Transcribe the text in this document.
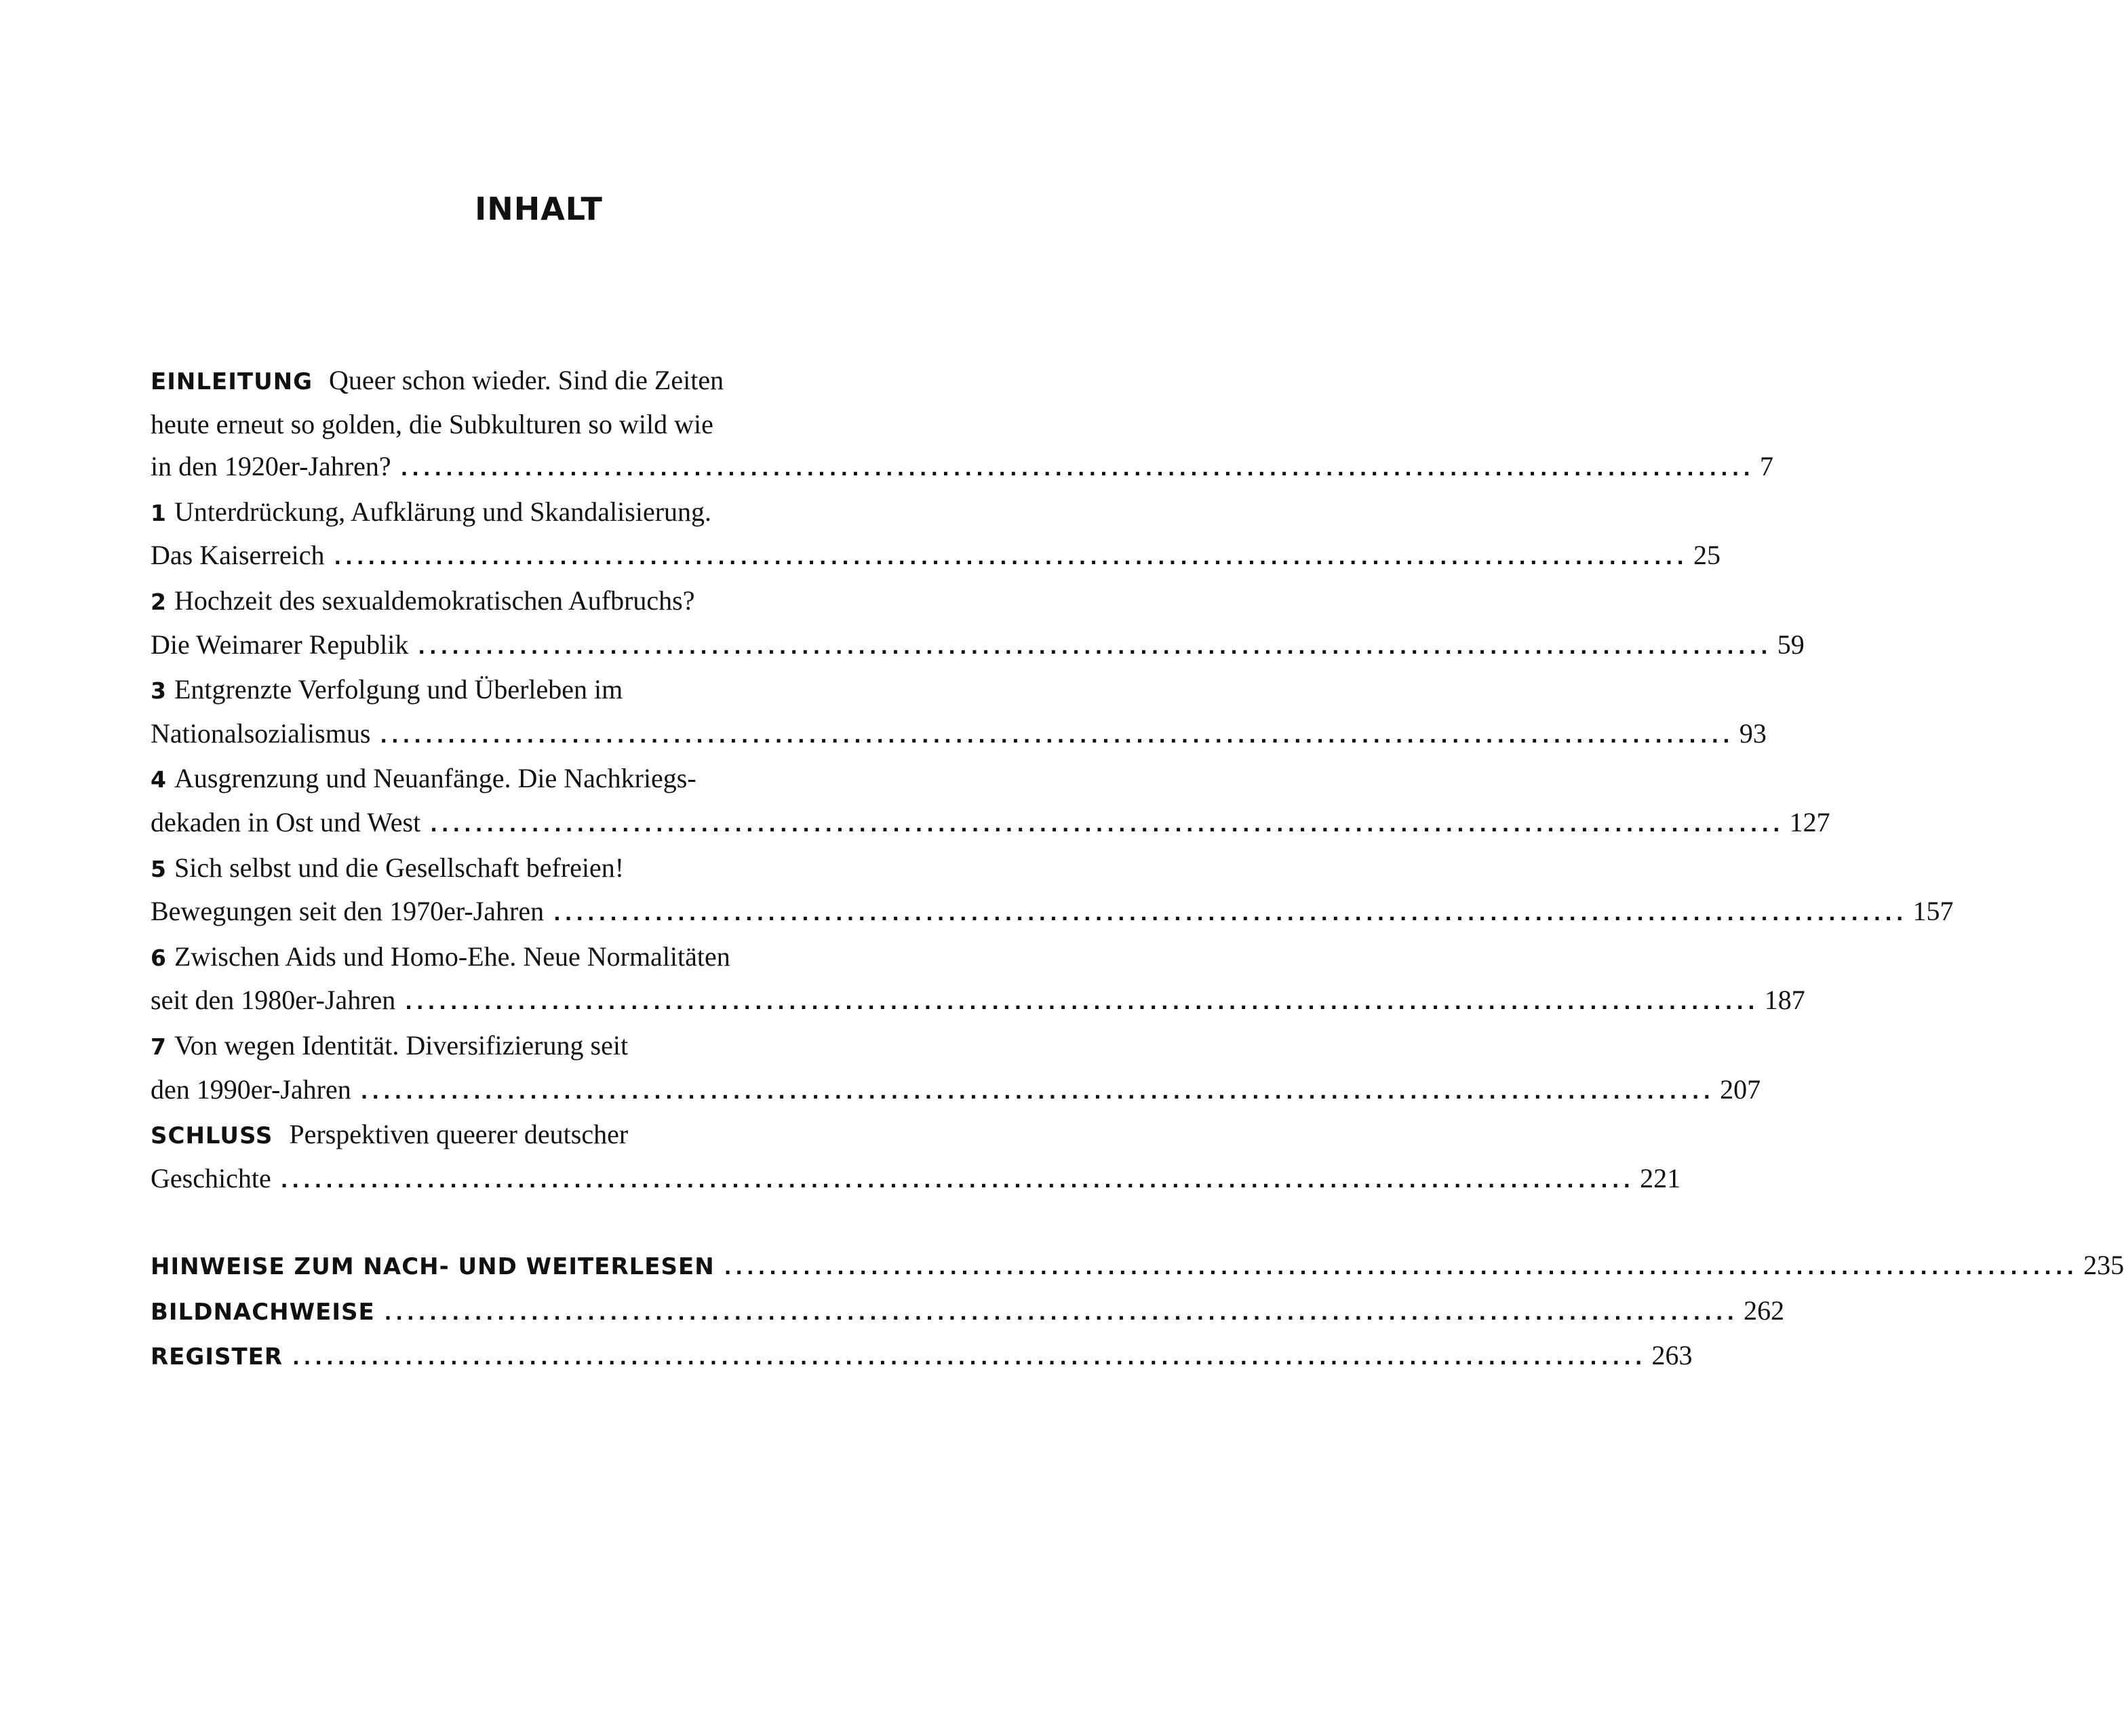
INHALT
EINLEITUNG Queer schon wieder. Sind die Zeiten
heute erneut so golden, die Subkulturen so wild wie
in den 1920er-Jahren? ........................................................................................................................ 7
1 Unterdrückung, Aufklärung und Skandalisierung.
Das Kaiserreich ........................................................................................................................ 25
2 Hochzeit des sexualdemokratischen Aufbruchs?
Die Weimarer Republik ........................................................................................................................ 59
3 Entgrenzte Verfolgung und Überleben im
Nationalsozialismus ........................................................................................................................ 93
4 Ausgrenzung und Neuanfänge. Die Nachkriegs-
dekaden in Ost und West ........................................................................................................................ 127
5 Sich selbst und die Gesellschaft befreien!
Bewegungen seit den 1970er-Jahren ........................................................................................................................ 157
6 Zwischen Aids und Homo-Ehe. Neue Normalitäten
seit den 1980er-Jahren ........................................................................................................................ 187
7 Von wegen Identität. Diversifizierung seit
den 1990er-Jahren ........................................................................................................................ 207
SCHLUSS Perspektiven queerer deutscher
Geschichte ........................................................................................................................ 221
HINWEISE ZUM NACH- UND WEITERLESEN ........................................................................................................................ 235
BILDNACHWEISE ........................................................................................................................ 262
REGISTER ........................................................................................................................ 263
